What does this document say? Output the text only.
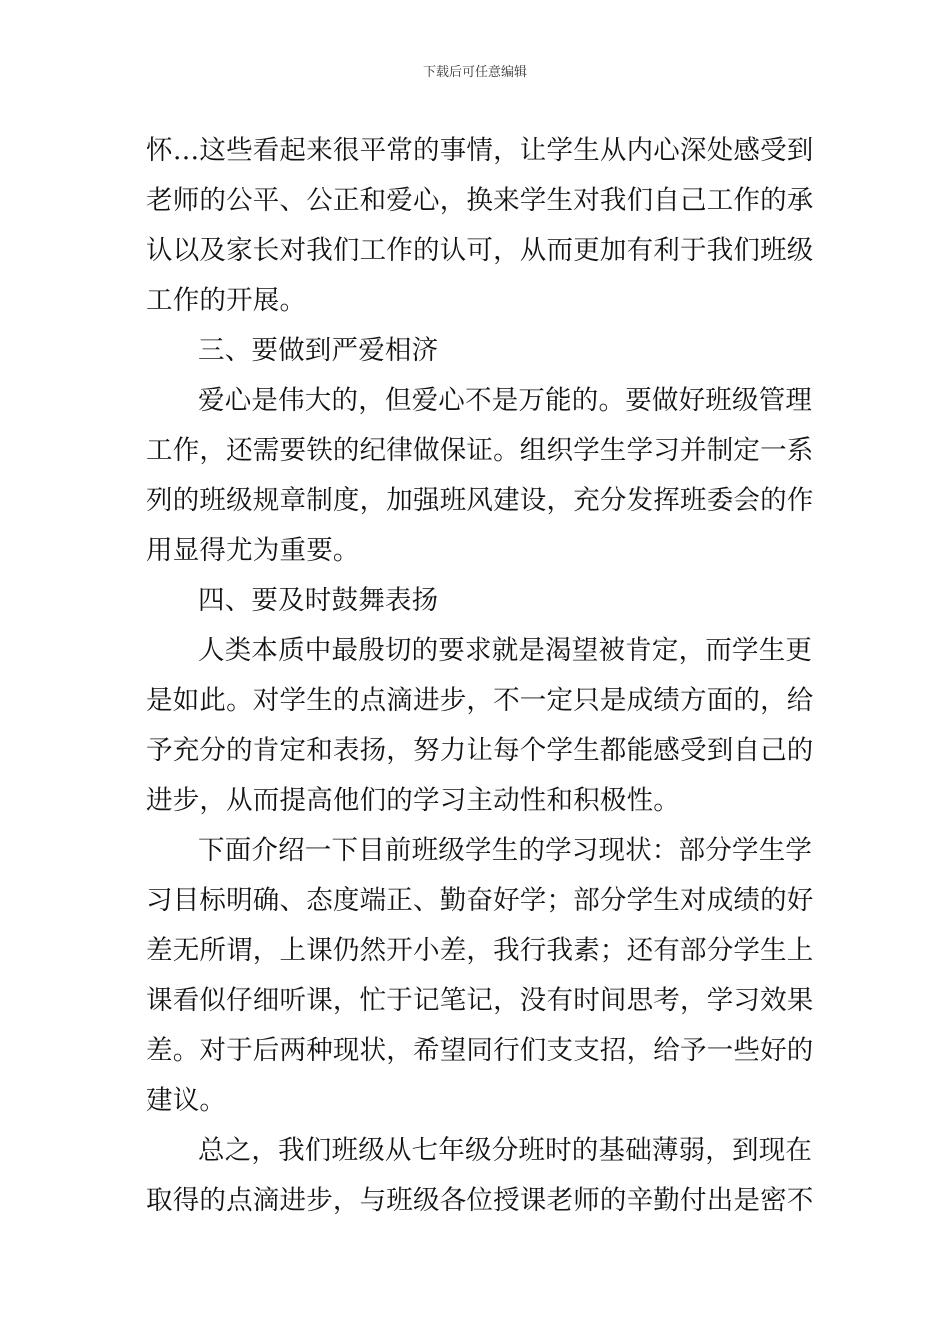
下载后可任意编辑
怀…这些看起来很平常的事情，让学生从内心深处感受到
老师的公平、公正和爱心，换来学生对我们自己工作的承
认以及家长对我们工作的认可，从而更加有利于我们班级
工作的开展。
三、要做到严爱相济
爱心是伟大的，但爱心不是万能的。要做好班级管理
工作，还需要铁的纪律做保证。组织学生学习并制定一系
列的班级规章制度，加强班风建设，充分发挥班委会的作
用显得尤为重要。
四、要及时鼓舞表扬
人类本质中最殷切的要求就是渴望被肯定，而学生更
是如此。对学生的点滴进步，不一定只是成绩方面的，给
予充分的肯定和表扬，努力让每个学生都能感受到自己的
进步，从而提高他们的学习主动性和积极性。
下面介绍一下目前班级学生的学习现状：部分学生学
习目标明确、态度端正、勤奋好学；部分学生对成绩的好
差无所谓，上课仍然开小差，我行我素；还有部分学生上
课看似仔细听课，忙于记笔记，没有时间思考，学习效果
差。对于后两种现状，希望同行们支支招，给予一些好的
建议。
总之，我们班级从七年级分班时的基础薄弱，到现在
取得的点滴进步，与班级各位授课老师的辛勤付出是密不
